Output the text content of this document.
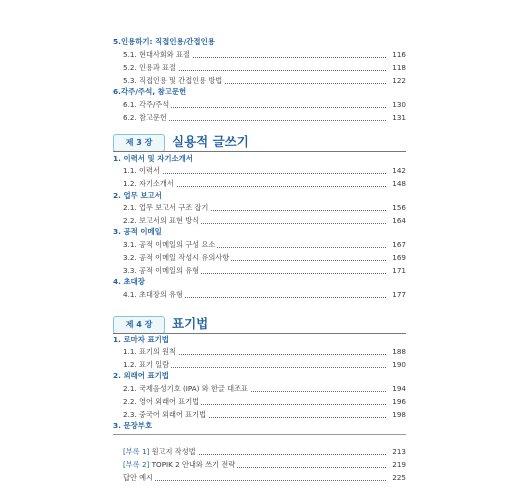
5.인용하기: 직접인용/간접인용
5.1. 현대사회와 표절	116
5.2. 인용과 표절	118
5.3. 직접인용 및 간접인용 방법	122
6.각주/주석, 참고문헌
6.1. 각주/주석	130
6.2. 참고문헌	131
제 3 장	실용적 글쓰기
1. 이력서 및 자기소개서
1.1. 이력서	142
1.2. 자기소개서	148
2. 업무 보고서
2.1. 업무 보고서 구조 잡기	156
2.2. 보고서의 표현 방식	164
3. 공적 이메일
3.1. 공적 이메일의 구성 요소	167
3.2. 공적 이메일 작성시 유의사항	169
3.3. 공적 이메일의 유형	171
4. 초대장
4.1. 초대장의 유형	177
제 4 장	표기법
1. 로마자 표기법
1.1. 표기의 원칙	188
1.2. 표기 일람	190
2. 외래어 표기법
2.1. 국제음성기호 (IPA) 와 한글 대조표	194
2.2. 영어 외래어 표기법	196
2.3. 중국어 외래어 표기법	198
3. 문장부호
[부록 1] 원고지 작성법	213
[부록 2] TOPIK 2 안내와 쓰기 전략	219
답안 예시	225
